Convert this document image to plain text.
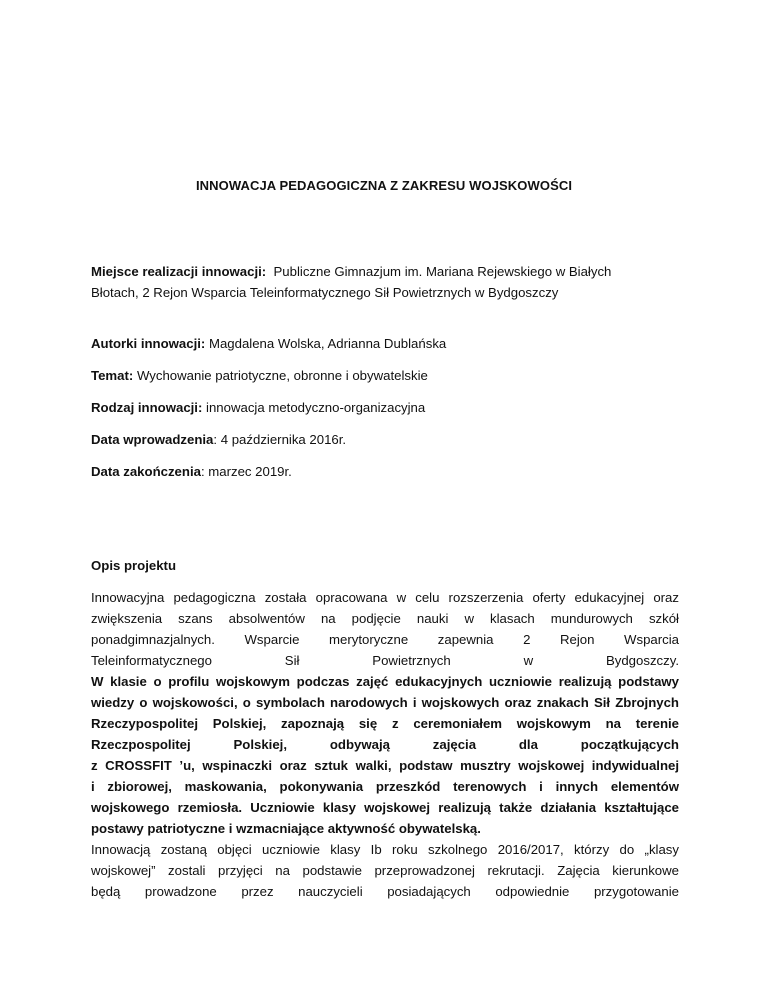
INNOWACJA PEDAGOGICZNA Z ZAKRESU WOJSKOWOŚCI
Miejsce realizacji innowacji: Publiczne Gimnazjum im. Mariana Rejewskiego w Białych
Błotach, 2 Rejon Wsparcia Teleinformatycznego Sił Powietrznych w Bydgoszczy
Autorki innowacji: Magdalena Wolska, Adrianna Dublańska
Temat: Wychowanie patriotyczne, obronne i obywatelskie
Rodzaj innowacji: innowacja metodyczno-organizacyjna
Data wprowadzenia: 4 października 2016r.
Data zakończenia: marzec 2019r.
Opis projektu
Innowacyjna pedagogiczna została opracowana w celu rozszerzenia oferty edukacyjnej oraz
zwiększenia szans absolwentów na podjęcie nauki w klasach mundurowych szkół
ponadgimnazjalnych. Wsparcie merytoryczne zapewnia 2 Rejon Wsparcia
Teleinformatycznego Sił Powietrznych w Bydgoszczy.
W klasie o profilu wojskowym podczas zajęć edukacyjnych uczniowie realizują podstawy
wiedzy o wojskowości, o symbolach narodowych i wojskowych oraz znakach Sił Zbrojnych
Rzeczypospolitej Polskiej, zapoznają się z ceremoniałem wojskowym na terenie
Rzeczpospolitej Polskiej, odbywają zajęcia dla początkujących
z CROSSFIT ’u, wspinaczki oraz sztuk walki, podstaw musztry wojskowej indywidualnej
i zbiorowej, maskowania, pokonywania przeszkód terenowych i innych elementów
wojskowego rzemiosła. Uczniowie klasy wojskowej realizują także działania kształtujące
postawy patriotyczne i wzmacniające aktywność obywatelską.
Innowacją zostaną objęci uczniowie klasy Ib roku szkolnego 2016/2017, którzy do „klasy
wojskowej” zostali przyjęci na podstawie przeprowadzonej rekrutacji. Zajęcia kierunkowe
będą prowadzone przez nauczycieli posiadających odpowiednie przygotowanie
